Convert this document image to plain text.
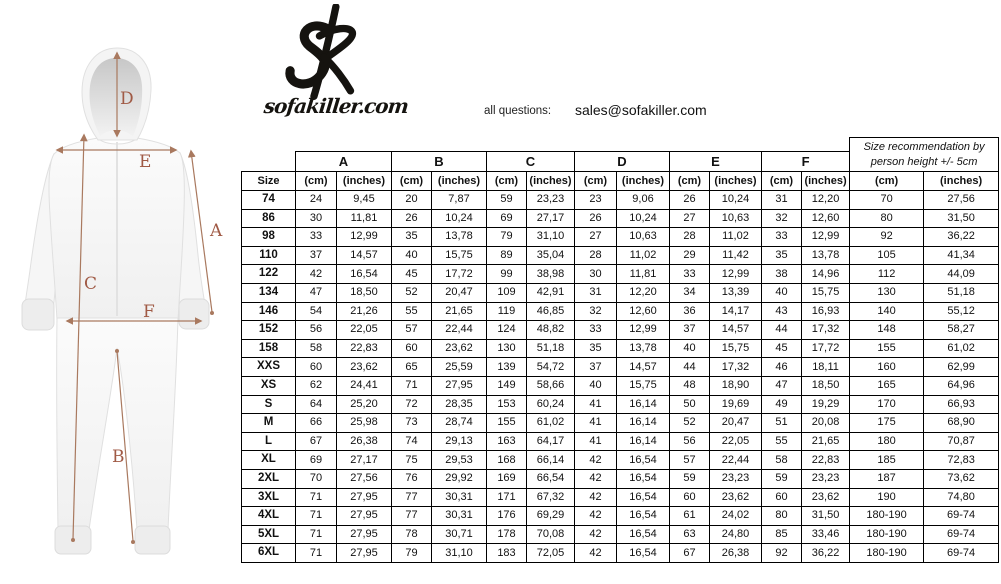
D
E
A
C
F
B
sofakiller.com	all questions: sales@sofakiller.com

													Size recommendation by
person height +/- 5cm	

	A		B		C		D		E		F			
Size	(cm)	(inches)	(cm)	(inches)	(cm)	(inches)	(cm)	(inches)	(cm)	(inches)	(cm)	(inches)	(cm)	(inches)
74	24	9,45	20	7,87	59	23,23	23	9,06	26	10,24	31	12,20	70	27,56
86	30	11,81	26	10,24	69	27,17	26	10,24	27	10,63	32	12,60	80	31,50
98	33	12,99	35	13,78	79	31,10	27	10,63	28	11,02	33	12,99	92	36,22
110	37	14,57	40	15,75	89	35,04	28	11,02	29	11,42	35	13,78	105	41,34
122	42	16,54	45	17,72	99	38,98	30	11,81	33	12,99	38	14,96	112	44,09
134	47	18,50	52	20,47	109	42,91	31	12,20	34	13,39	40	15,75	130	51,18
146	54	21,26	55	21,65	119	46,85	32	12,60	36	14,17	43	16,93	140	55,12
152	56	22,05	57	22,44	124	48,82	33	12,99	37	14,57	44	17,32	148	58,27
158	58	22,83	60	23,62	130	51,18	35	13,78	40	15,75	45	17,72	155	61,02
XXS	60	23,62	65	25,59	139	54,72	37	14,57	44	17,32	46	18,11	160	62,99
XS	62	24,41	71	27,95	149	58,66	40	15,75	48	18,90	47	18,50	165	64,96
S	64	25,20	72	28,35	153	60,24	41	16,14	50	19,69	49	19,29	170	66,93
M	66	25,98	73	28,74	155	61,02	41	16,14	52	20,47	51	20,08	175	68,90
L	67	26,38	74	29,13	163	64,17	41	16,14	56	22,05	55	21,65	180	70,87
XL	69	27,17	75	29,53	168	66,14	42	16,54	57	22,44	58	22,83	185	72,83
2XL	70	27,56	76	29,92	169	66,54	42	16,54	59	23,23	59	23,23	187	73,62
3XL	71	27,95	77	30,31	171	67,32	42	16,54	60	23,62	60	23,62	190	74,80
4XL	71	27,95	77	30,31	176	69,29	42	16,54	61	24,02	80	31,50	180-190	69-74
5XL	71	27,95	78	30,71	178	70,08	42	16,54	63	24,80	85	33,46	180-190	69-74
6XL	71	27,95	79	31,10	183	72,05	42	16,54	67	26,38	92	36,22	180-190	69-74
